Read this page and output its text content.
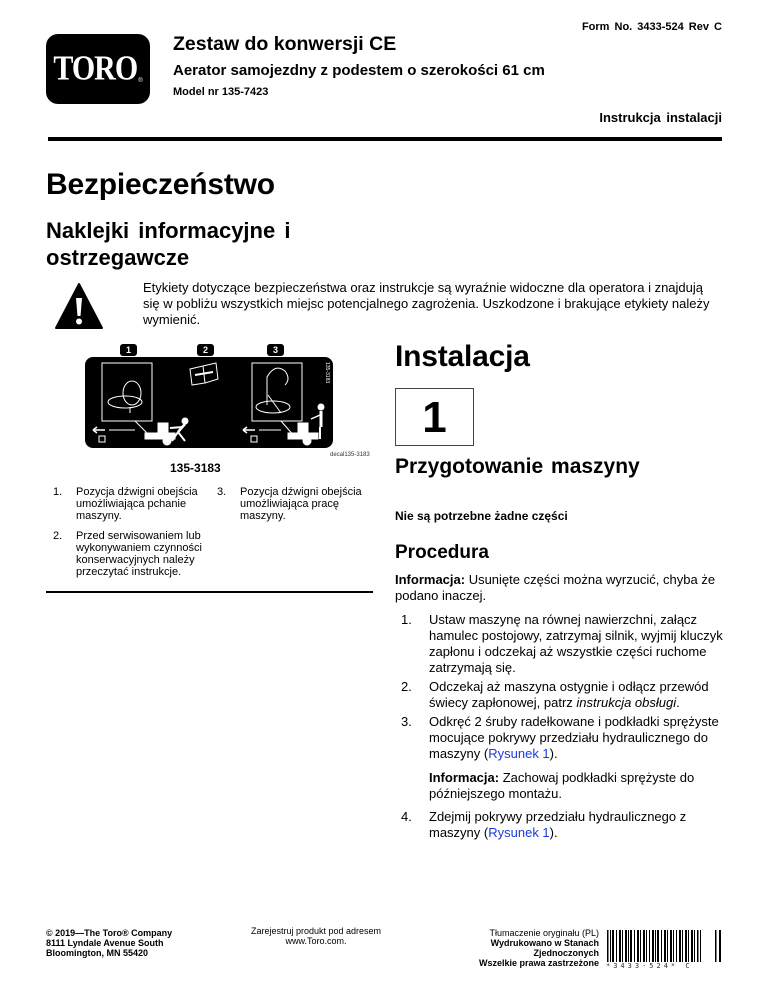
Form No. 3433-524 Rev C
TORO ®
Zestaw do konwersji CE
Aerator samojezdny z podestem o szerokości 61 cm
Model nr 135-7423
Instrukcja instalacji
Bezpieczeństwo
Naklejki informacyjne i ostrzegawcze
Etykiety dotyczące bezpieczeństwa oraz instrukcje są wyraźnie widoczne dla operatora i znajdują się w pobliżu wszystkich miejsc potencjalnego zagrożenia. Uszkodzone i brakujące etykiety należy wymienić.
1	2	3
135-3183
decal135-3183
135-3183
1. Pozycja dźwigni obejścia umożliwiająca pchanie maszyny.
2. Przed serwisowaniem lub wykonywaniem czynności konserwacyjnych należy przeczytać instrukcje.
3. Pozycja dźwigni obejścia umożliwiająca pracę maszyny.
Instalacja
1
Przygotowanie maszyny
Nie są potrzebne żadne części
Procedura
Informacja: Usunięte części można wyrzucić, chyba że podano inaczej.
1. Ustaw maszynę na równej nawierzchni, załącz hamulec postojowy, zatrzymaj silnik, wyjmij kluczyk zapłonu i odczekaj aż wszystkie części ruchome zatrzymają się.
2. Odczekaj aż maszyna ostygnie i odłącz przewód świecy zapłonowej, patrz instrukcja obsługi.
3. Odkręć 2 śruby radełkowane i podkładki sprężyste mocujące pokrywy przedziału hydraulicznego do maszyny (Rysunek 1).
Informacja: Zachowaj podkładki sprężyste do późniejszego montażu.
4. Zdejmij pokrywy przedziału hydraulicznego z maszyny (Rysunek 1).
© 2019—The Toro® Company
8111 Lyndale Avenue South
Bloomington, MN 55420
Zarejestruj produkt pod adresem
www.Toro.com.
Tłumaczenie oryginału (PL)
Wydrukowano w Stanach
Zjednoczonych
Wszelkie prawa zastrzeżone *3433-524* C
